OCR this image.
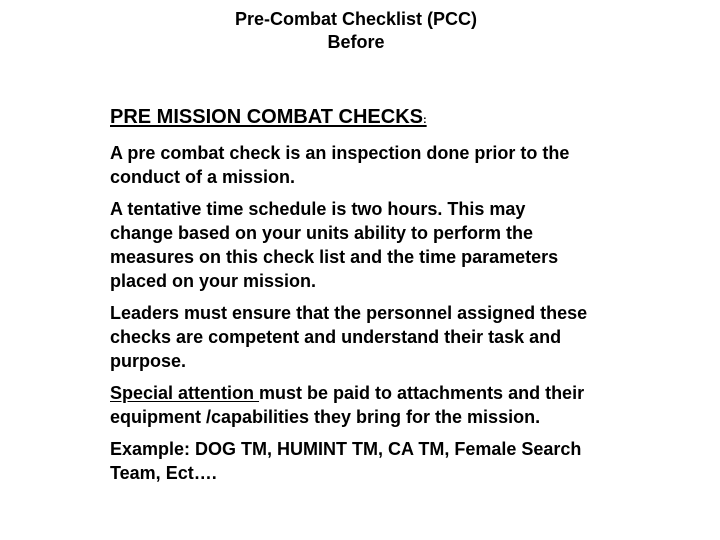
Pre-Combat Checklist (PCC)
Before
PRE MISSION COMBAT CHECKS:
A pre combat check is an inspection done prior to the conduct of a mission.
A tentative time schedule is two hours. This may change based on your units ability to perform the measures on this check list and the time parameters placed on your mission.
Leaders must ensure that the personnel assigned these checks are competent and understand their task and purpose.
Special attention must be paid to attachments and their equipment /capabilities they bring for the mission.
Example: DOG TM, HUMINT TM, CA TM, Female Search Team, Ect….
